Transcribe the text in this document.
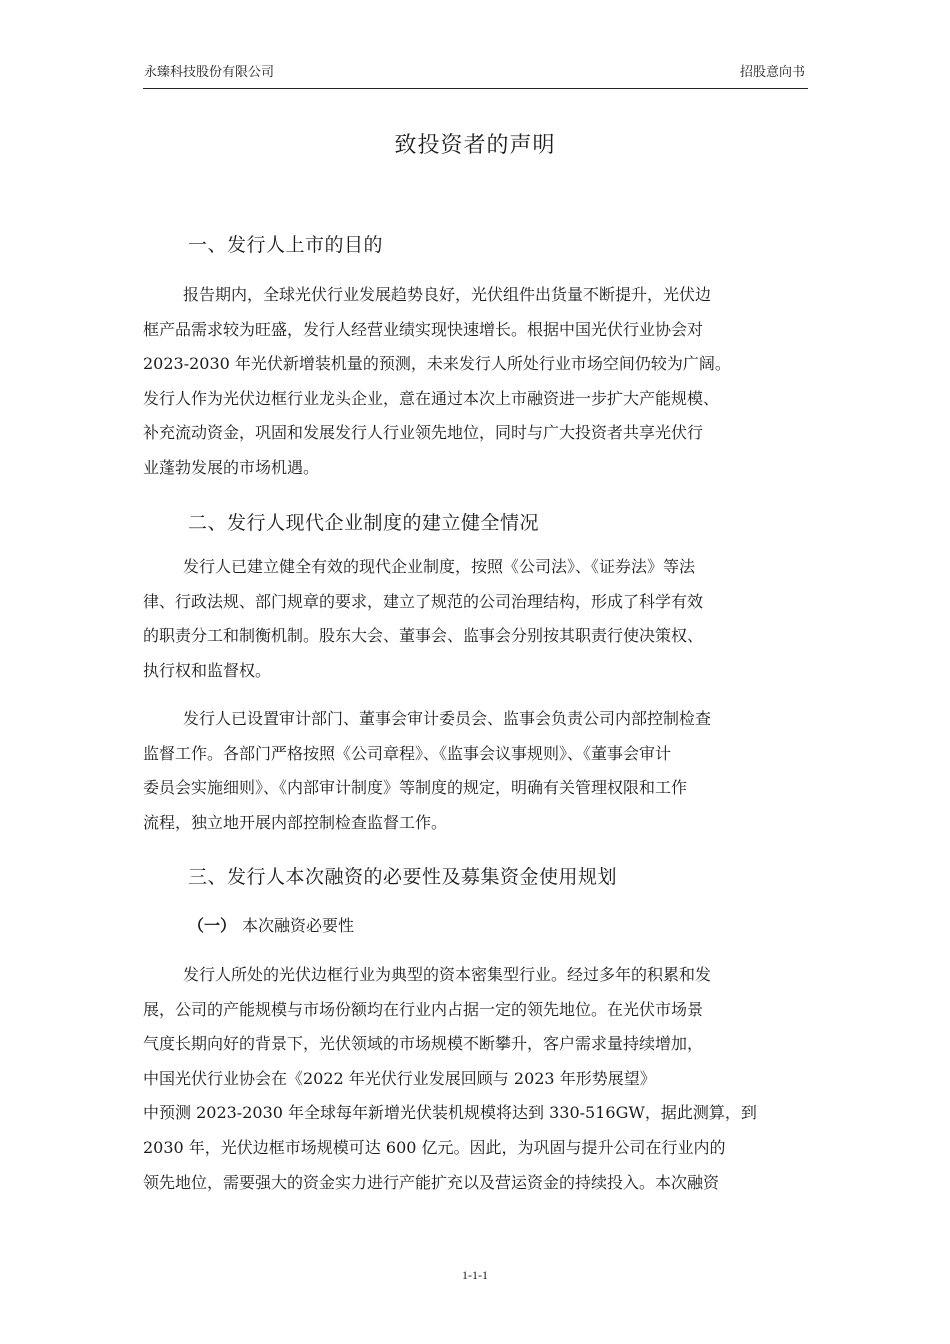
永臻科技股份有限公司	招股意向书
致投资者的声明
一、发行人上市的目的
报告期内，全球光伏行业发展趋势良好，光伏组件出货量不断提升，光伏边
框产品需求较为旺盛，发行人经营业绩实现快速增长。根据中国光伏行业协会对
2023-2030 年光伏新增装机量的预测，未来发行人所处行业市场空间仍较为广阔。
发行人作为光伏边框行业龙头企业，意在通过本次上市融资进一步扩大产能规模、
补充流动资金，巩固和发展发行人行业领先地位，同时与广大投资者共享光伏行
业蓬勃发展的市场机遇。
二、发行人现代企业制度的建立健全情况
发行人已建立健全有效的现代企业制度，按照《公司法》、《证券法》等法
律、行政法规、部门规章的要求，建立了规范的公司治理结构，形成了科学有效
的职责分工和制衡机制。股东大会、董事会、监事会分别按其职责行使决策权、
执行权和监督权。
发行人已设置审计部门、董事会审计委员会、监事会负责公司内部控制检查
监督工作。各部门严格按照《公司章程》、《监事会议事规则》、《董事会审计
委员会实施细则》、《内部审计制度》等制度的规定，明确有关管理权限和工作
流程，独立地开展内部控制检查监督工作。
三、发行人本次融资的必要性及募集资金使用规划
（一） 本次融资必要性
发行人所处的光伏边框行业为典型的资本密集型行业。经过多年的积累和发
展，公司的产能规模与市场份额均在行业内占据一定的领先地位。在光伏市场景
气度长期向好的背景下，光伏领域的市场规模不断攀升，客户需求量持续增加，
中国光伏行业协会在《2022 年光伏行业发展回顾与 2023 年形势展望》
中预测 2023-2030 年全球每年新增光伏装机规模将达到 330-516GW，据此测算，到
2030 年，光伏边框市场规模可达 600 亿元。因此，为巩固与提升公司在行业内的
领先地位，需要强大的资金实力进行产能扩充以及营运资金的持续投入。本次融资
1-1-1
